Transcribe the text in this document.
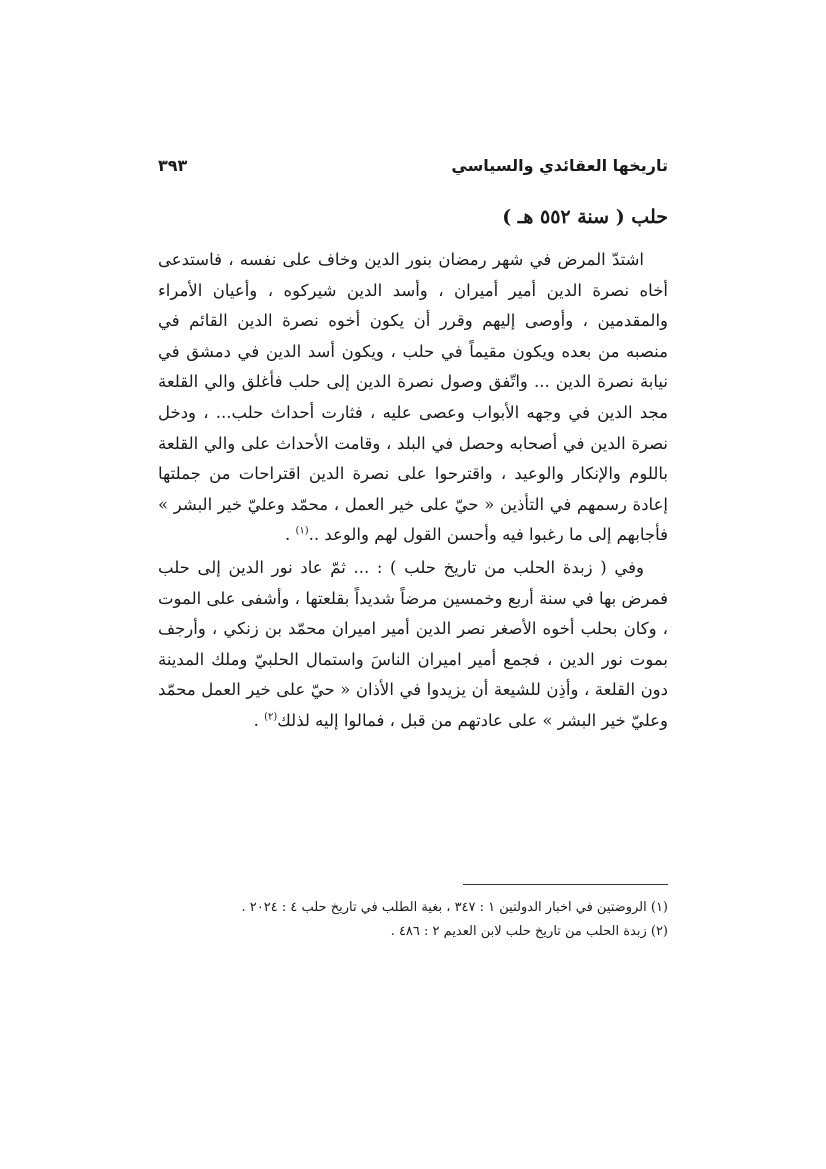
تاريخها العقائدي والسياسي
٣٩٣
حلب ( سنة ٥٥٢ هـ )

اشتدّ المرض في شهر رمضان بنور الدين وخاف على نفسه ، فاستدعى أخاه نصرة الدين أمير أميران ، وأسد الدين شيركوه ، وأعيان الأمراء والمقدمين ، وأوصى إليهم وقرر أن يكون أخوه نصرة الدين القائم في منصبه من بعده ويكون مقيماً في حلب ، ويكون أسد الدين في دمشق في نيابة نصرة الدين ... واتّفق وصول نصرة الدين إلى حلب فأغلق والي القلعة مجد الدين في وجهه الأبواب وعصى عليه ، فثارت أحداث حلب... ، ودخل نصرة الدين في أصحابه وحصل في البلد ، وقامت الأحداث على والي القلعة باللوم والإنكار والوعيد ، واقترحوا على نصرة الدين اقتراحات من جملتها إعادة رسمهم في التأذين « حيّ على خير العمل ، محمّد وعليّ خير البشر » فأجابهم إلى ما رغبوا فيه وأحسن القول لهم والوعد ..$^{(١)}$ .

وفي ( زبدة الحلب من تاريخ حلب ) : ... ثمّ عاد نور الدين إلى حلب فمرض بها في سنة أربع وخمسين مرضاً شديداً بقلعتها ، وأشفى على الموت ، وكان بحلب أخوه الأصغر نصر الدين أمير اميران محمّد بن زنكي ، وأرجف بموت نور الدين ، فجمع أمير اميران الناسَ واستمال الحلبيّ وملك المدينة دون القلعة ، وأذِن للشيعة أن يزيدوا في الأذان « حيّ على خير العمل محمّد وعليّ خير البشر » على عادتهم من قبل ، فمالوا إليه لذلك$^{(٢)}$ .

(١) الروضتين في اخبار الدولتين ١ : ٣٤٧ ، بغية الطلب في تاريخ حلب ٤ : ٢٠٢٤ .

(٢) زبدة الحلب من تاريخ حلب لابن العديم ٢ : ٤٨٦ .
